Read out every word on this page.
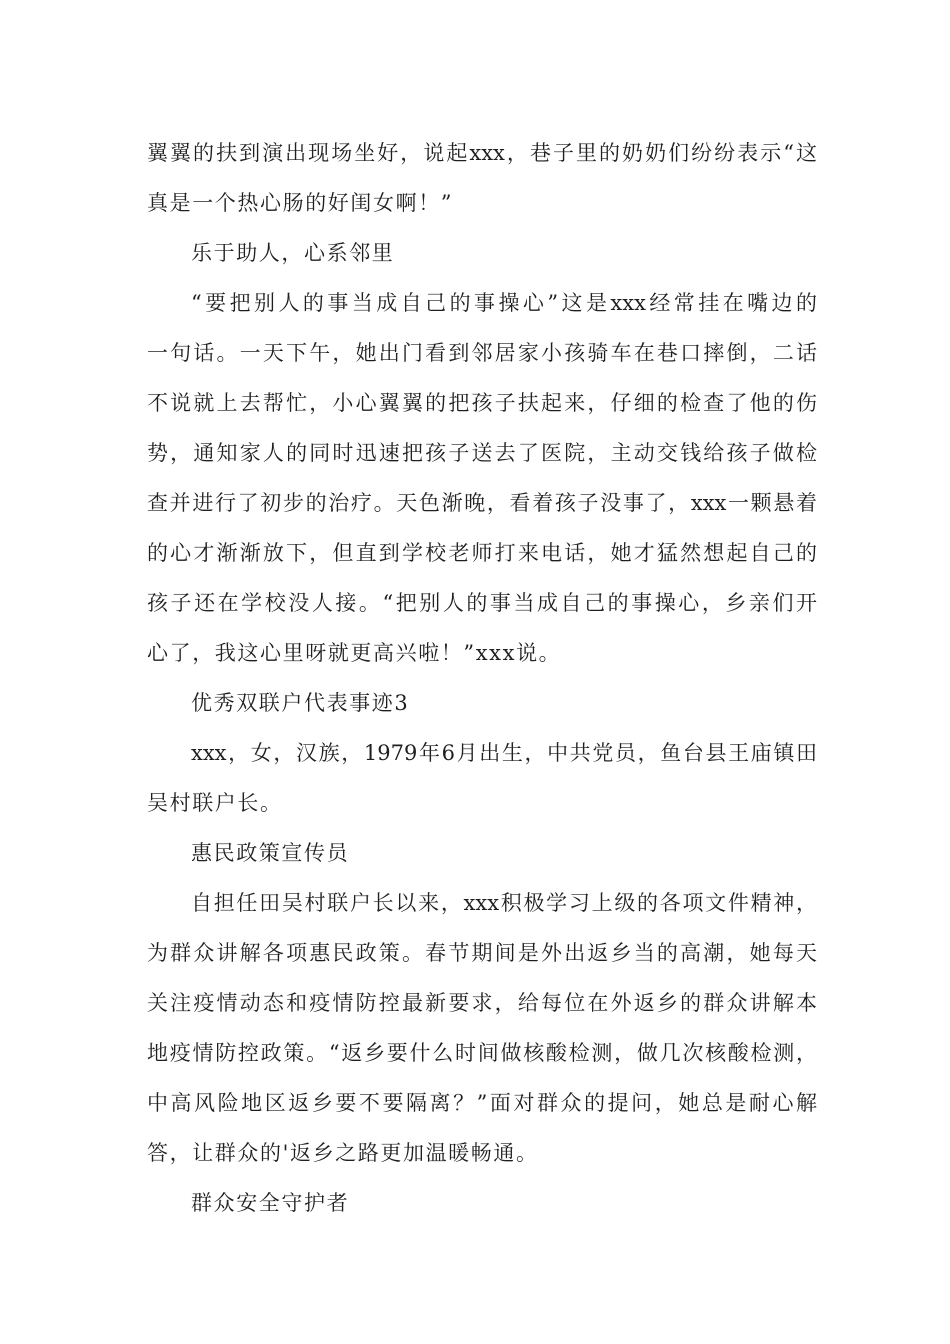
翼翼的扶到演出现场坐好，说起xxx，巷子里的奶奶们纷纷表示“这
真是一个热心肠的好闺女啊！”
乐于助人，心系邻里
“要把别人的事当成自己的事操心”这是xxx经常挂在嘴边的
一句话。一天下午，她出门看到邻居家小孩骑车在巷口摔倒，二话
不说就上去帮忙，小心翼翼的把孩子扶起来，仔细的检查了他的伤
势，通知家人的同时迅速把孩子送去了医院，主动交钱给孩子做检
查并进行了初步的治疗。天色渐晚，看着孩子没事了，xxx一颗悬着
的心才渐渐放下，但直到学校老师打来电话，她才猛然想起自己的
孩子还在学校没人接。“把别人的事当成自己的事操心，乡亲们开
心了，我这心里呀就更高兴啦！”xxx说。
优秀双联户代表事迹3
xxx，女，汉族，1979年6月出生，中共党员，鱼台县王庙镇田
吴村联户长。
惠民政策宣传员
自担任田吴村联户长以来，xxx积极学习上级的各项文件精神，
为群众讲解各项惠民政策。春节期间是外出返乡当的高潮，她每天
关注疫情动态和疫情防控最新要求，给每位在外返乡的群众讲解本
地疫情防控政策。“返乡要什么时间做核酸检测，做几次核酸检测，
中高风险地区返乡要不要隔离？”面对群众的提问，她总是耐心解
答，让群众的'返乡之路更加温暖畅通。
群众安全守护者
